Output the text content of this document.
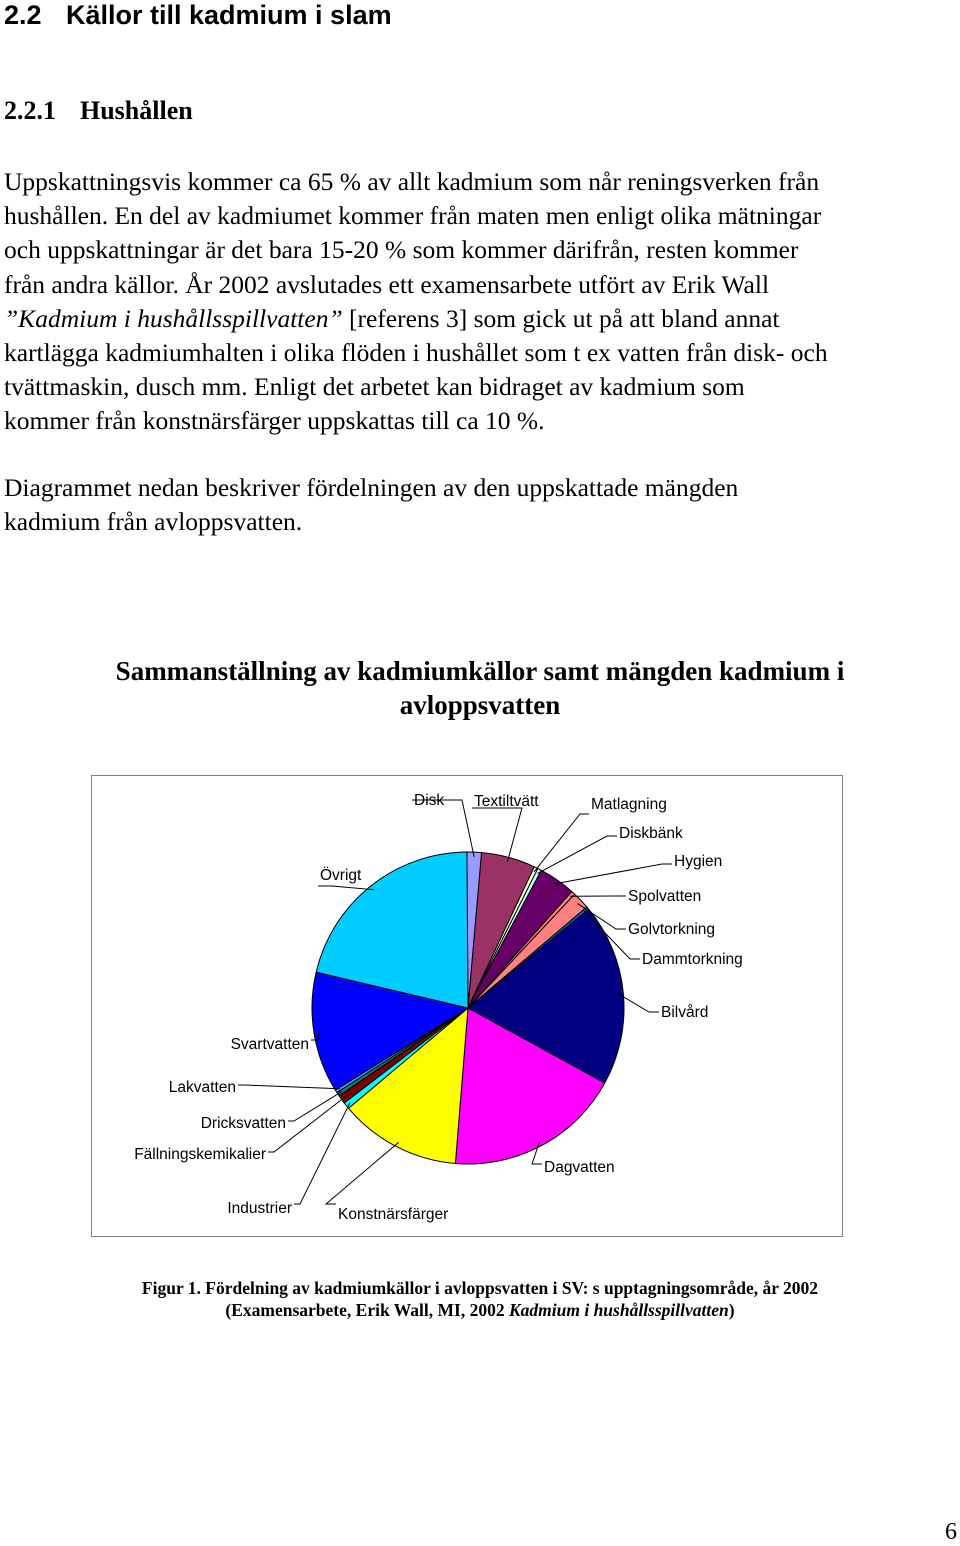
2.2 Källor till kadmium i slam
2.2.1 Hushållen

Uppskattningsvis kommer ca 65 % av allt kadmium som når reningsverken från
hushållen. En del av kadmiumet kommer från maten men enligt olika mätningar
och uppskattningar är det bara 15-20 % som kommer därifrån, resten kommer
från andra källor. År 2002 avslutades ett examensarbete utfört av Erik Wall
”Kadmium i hushållsspillvatten” [referens 3] som gick ut på att bland annat
kartlägga kadmiumhalten i olika flöden i hushållet som t ex vatten från disk- och
tvättmaskin, dusch mm. Enligt det arbetet kan bidraget av kadmium som
kommer från konstnärsfärger uppskattas till ca 10 %.

Diagrammet nedan beskriver fördelningen av den uppskattade mängden
kadmium från avloppsvatten.

Sammanställning av kadmiumkällor samt mängden kadmium i
avloppsvatten
Disk Textiltvätt	Matlagning
Diskbänk
Hygien
Spolvatten
Golvtorkning
Dammtorkning
Bilvård
Dagvatten
Konstnärsfärger
Industrier
Fällningskemikalier
Dricksvatten
Lakvatten
Svartvatten
Övrigt

Figur 1. Fördelning av kadmiumkällor i avloppsvatten i SV: s upptagningsområde, år 2002

(Examensarbete, Erik Wall, MI, 2002 Kadmium i hushållsspillvatten)

6
